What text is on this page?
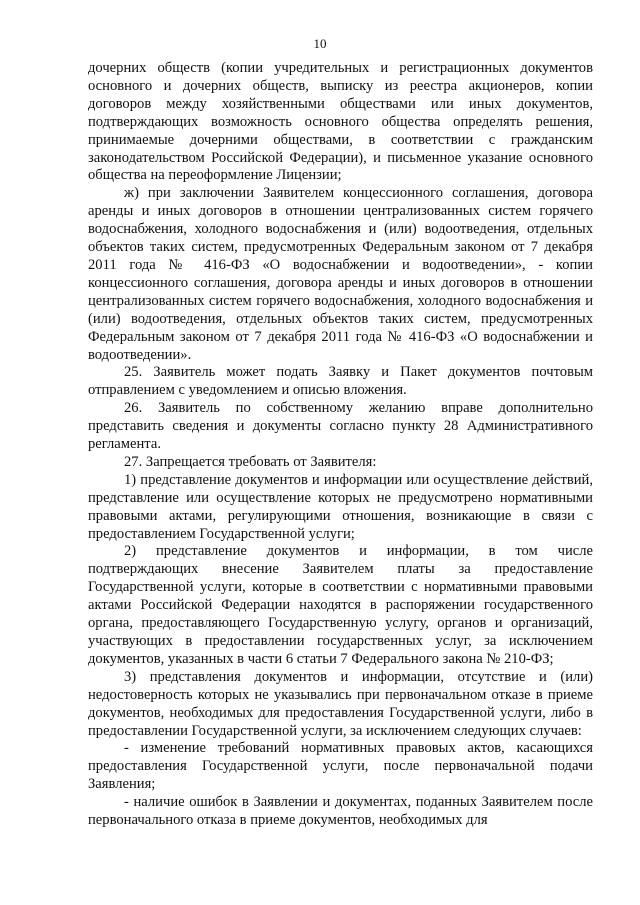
10

дочерних обществ (копии учредительных и регистрационных документов основного и дочерних обществ, выписку из реестра акционеров, копии договоров между хозяйственными обществами или иных документов, подтверждающих возможность основного общества определять решения, принимаемые дочерними обществами, в соответствии с гражданским законодательством Российской Федерации), и письменное указание основного общества на переоформление Лицензии;

ж) при заключении Заявителем концессионного соглашения, договора аренды и иных договоров в отношении централизованных систем горячего водоснабжения, холодного водоснабжения и (или) водоотведения, отдельных объектов таких систем, предусмотренных Федеральным законом от 7 декабря 2011 года № 416-ФЗ «О водоснабжении и водоотведении», - копии концессионного соглашения, договора аренды и иных договоров в отношении централизованных систем горячего водоснабжения, холодного водоснабжения и (или) водоотведения, отдельных объектов таких систем, предусмотренных Федеральным законом от 7 декабря 2011 года № 416-ФЗ «О водоснабжении и водоотведении».

25. Заявитель может подать Заявку и Пакет документов почтовым отправлением с уведомлением и описью вложения.

26. Заявитель по собственному желанию вправе дополнительно представить сведения и документы согласно пункту 28 Административного регламента.

27. Запрещается требовать от Заявителя:

1) представление документов и информации или осуществление действий, представление или осуществление которых не предусмотрено нормативными правовыми актами, регулирующими отношения, возникающие в связи с предоставлением Государственной услуги;

2) представление документов и информации, в том числе подтверждающих внесение Заявителем платы за предоставление Государственной услуги, которые в соответствии с нормативными правовыми актами Российской Федерации находятся в распоряжении государственного органа, предоставляющего Государственную услугу, органов и организаций, участвующих в предоставлении государственных услуг, за исключением документов, указанных в части 6 статьи 7 Федерального закона № 210-ФЗ;

3) представления документов и информации, отсутствие и (или) недостоверность которых не указывались при первоначальном отказе в приеме документов, необходимых для предоставления Государственной услуги, либо в предоставлении Государственной услуги, за исключением следующих случаев:

- изменение требований нормативных правовых актов, касающихся предоставления Государственной услуги, после первоначальной подачи Заявления;

- наличие ошибок в Заявлении и документах, поданных Заявителем после первоначального отказа в приеме документов, необходимых для
